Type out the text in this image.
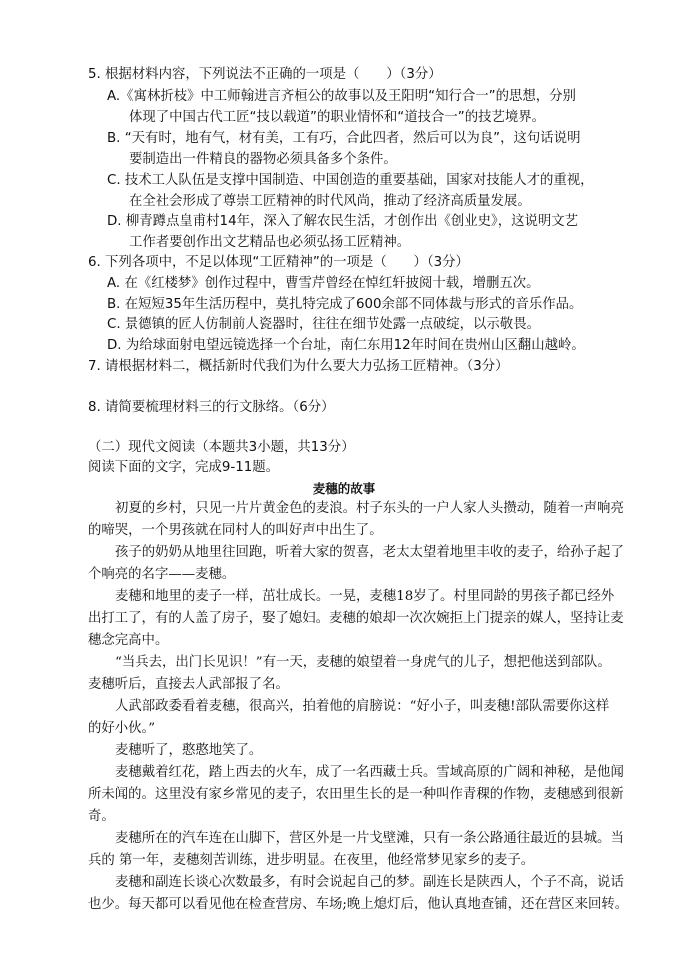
5. 根据材料内容，下列说法不正确的一项是（　　）（3分）
A.《寓林折枝》中工师翰进言齐桓公的故事以及王阳明“知行合一”的思想，分别
体现了中国古代工匠“技以载道”的职业情怀和“道技合一”的技艺境界。
B. “天有时，地有气，材有美，工有巧，合此四者，然后可以为良”，这句话说明
要制造出一件精良的器物必须具备多个条件。
C. 技术工人队伍是支撑中国制造、中国创造的重要基础，国家对技能人才的重视，
在全社会形成了尊崇工匠精神的时代风尚，推动了经济高质量发展。
D. 柳青蹲点皇甫村14年，深入了解农民生活，才创作出《创业史》，这说明文艺
工作者要创作出文艺精品也必须弘扬工匠精神。
6. 下列各项中，不足以体现“工匠精神”的一项是（　　）（3分）
A. 在《红楼梦》创作过程中，曹雪芹曾经在悼红轩披阅十载，增删五次。
B. 在短短35年生活历程中，莫扎特完成了600余部不同体裁与形式的音乐作品。
C. 景德镇的匠人仿制前人瓷器时，往往在细节处露一点破绽，以示敬畏。
D. 为给球面射电望远镜选择一个台址，南仁东用12年时间在贵州山区翻山越岭。
7. 请根据材料二，概括新时代我们为什么要大力弘扬工匠精神。（3分）
8. 请简要梳理材料三的行文脉络。（6分）
（二）现代文阅读（本题共3小题，共13分）
阅读下面的文字，完成9-11题。
麦穗的故事
初夏的乡村，只见一片片黄金色的麦浪。村子东头的一户人家人头攒动，随着一声响亮
的啼哭，一个男孩就在同村人的叫好声中出生了。
孩子的奶奶从地里往回跑，听着大家的贺喜，老太太望着地里丰收的麦子，给孙子起了
个响亮的名字——麦穗。
麦穗和地里的麦子一样，茁壮成长。一晃，麦穗18岁了。村里同龄的男孩子都已经外
出打工了，有的人盖了房子，娶了媳妇。麦穗的娘却一次次婉拒上门提亲的媒人，坚持让麦
穗念完高中。
“当兵去，出门长见识！”有一天，麦穗的娘望着一身虎气的儿子，想把他送到部队。
麦穗听后，直接去人武部报了名。
人武部政委看着麦穗，很高兴，拍着他的肩膀说：“好小子，叫麦穗!部队需要你这样
的好小伙。”
麦穗听了，憨憨地笑了。
麦穗戴着红花，踏上西去的火车，成了一名西藏士兵。雪域高原的广阔和神秘，是他闻
所未闻的。这里没有家乡常见的麦子，农田里生长的是一种叫作青稞的作物，麦穗感到很新
奇。
麦穗所在的汽车连在山脚下，营区外是一片戈壁滩，只有一条公路通往最近的县城。当
兵的 第一年，麦穗刻苦训练，进步明显。在夜里，他经常梦见家乡的麦子。
麦穗和副连长谈心次数最多，有时会说起自己的梦。副连长是陕西人，个子不高，说话
也少。每天都可以看见他在检查营房、车场;晚上熄灯后，他认真地查铺，还在营区来回转。
